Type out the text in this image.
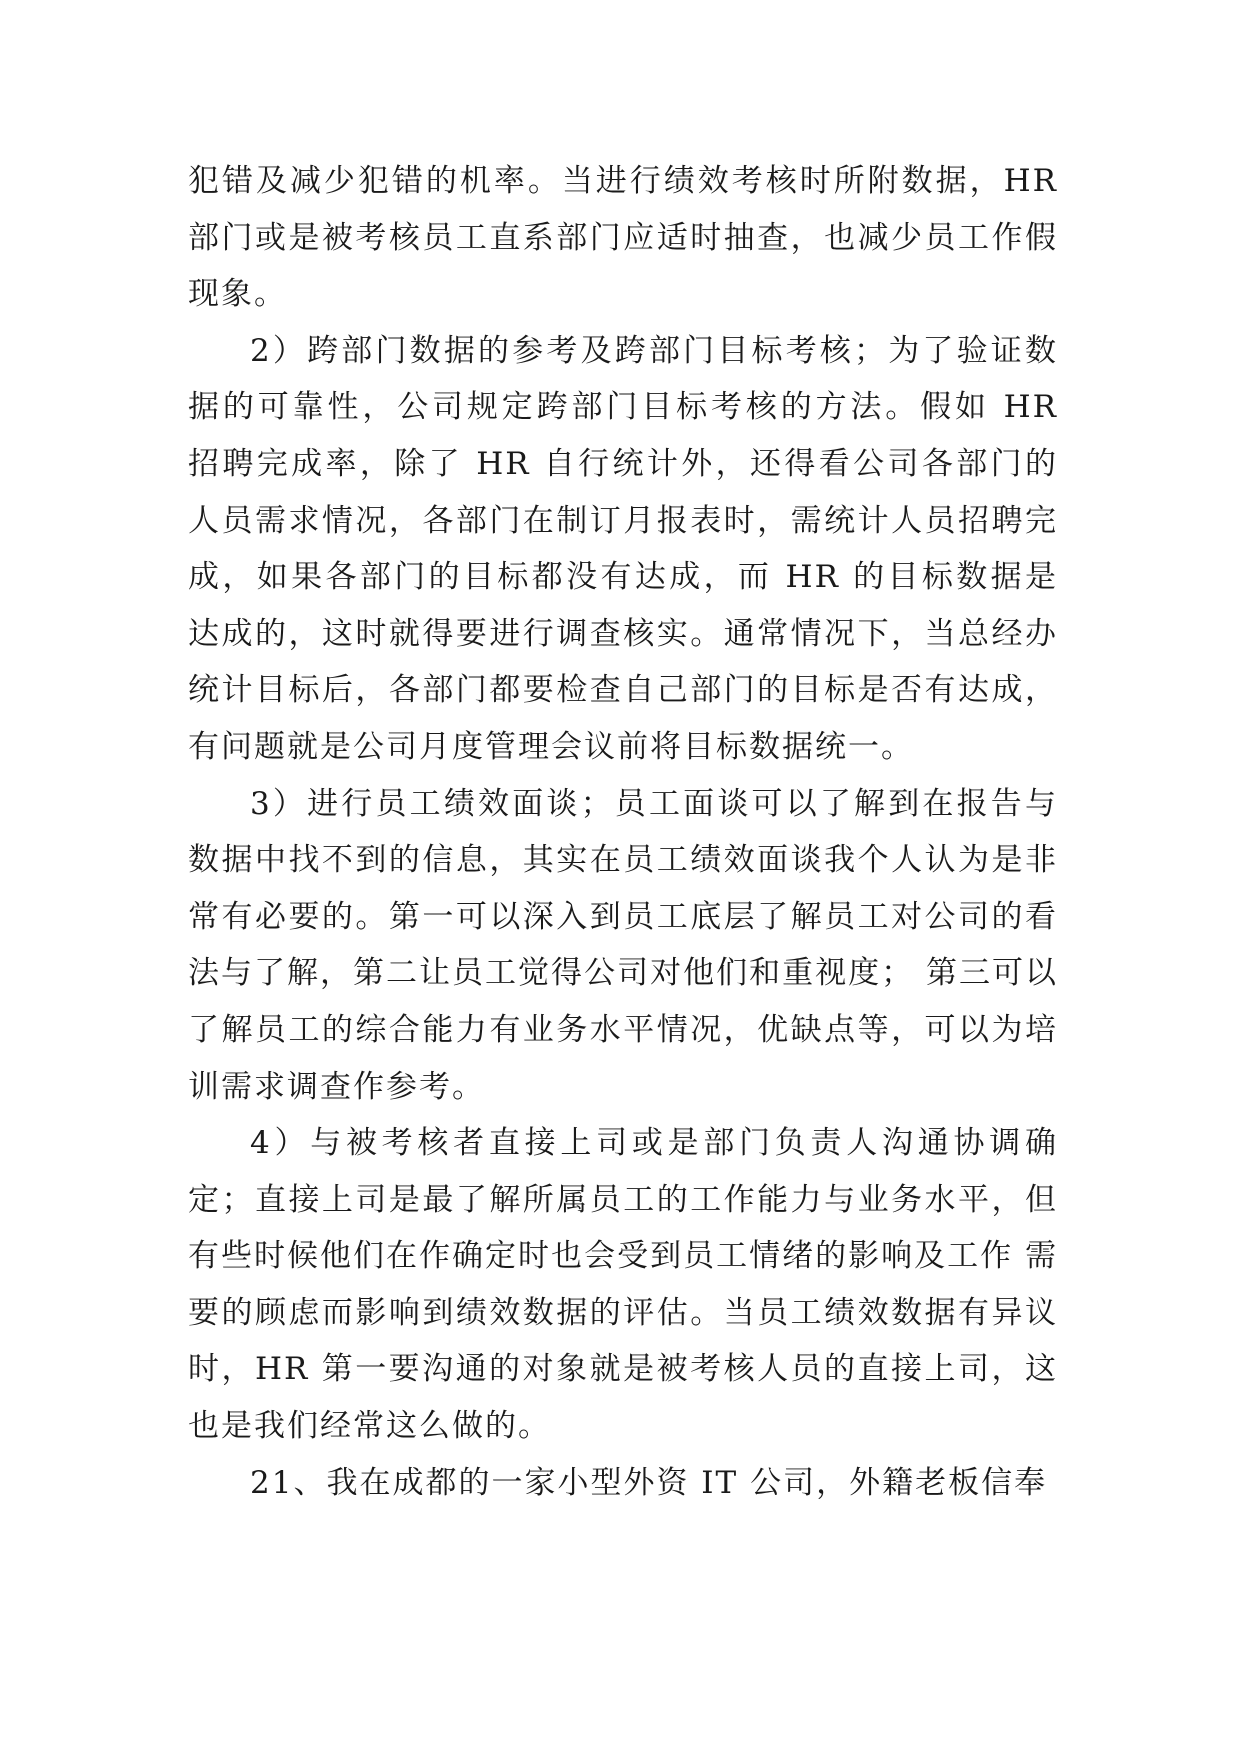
犯错及减少犯错的机率。当进行绩效考核时所附数据，HR 部门或是被考核员工直系部门应适时抽查，也减少员工作假现象。

2）跨部门数据的参考及跨部门目标考核；为了验证数据的可靠性，公司规定跨部门目标考核的方法。假如 HR 招聘完成率，除了 HR 自行统计外，还得看公司各部门的人员需求情况，各部门在制订月报表时，需统计人员招聘完成，如果各部门的目标都没有达成，而 HR 的目标数据是达成的，这时就得要进行调查核实。通常情况下，当总经办统计目标后，各部门都要检查自己部门的目标是否有达成，有问题就是公司月度管理会议前将目标数据统一。

3）进行员工绩效面谈；员工面谈可以了解到在报告与数据中找不到的信息，其实在员工绩效面谈我个人认为是非常有必要的。第一可以深入到员工底层了解员工对公司的看法与了解，第二让员工觉得公司对他们和重视度； 第三可以了解员工的综合能力有业务水平情况，优缺点等，可以为培训需求调查作参考。

4）与被考核者直接上司或是部门负责人沟通协调确定；直接上司是最了解所属员工的工作能力与业务水平，但有些时候他们在作确定时也会受到员工情绪的影响及工作 需要的顾虑而影响到绩效数据的评估。当员工绩效数据有异议时，HR 第一要沟通的对象就是被考核人员的直接上司，这也是我们经常这么做的。

21、我在成都的一家小型外资 IT 公司，外籍老板信奉
